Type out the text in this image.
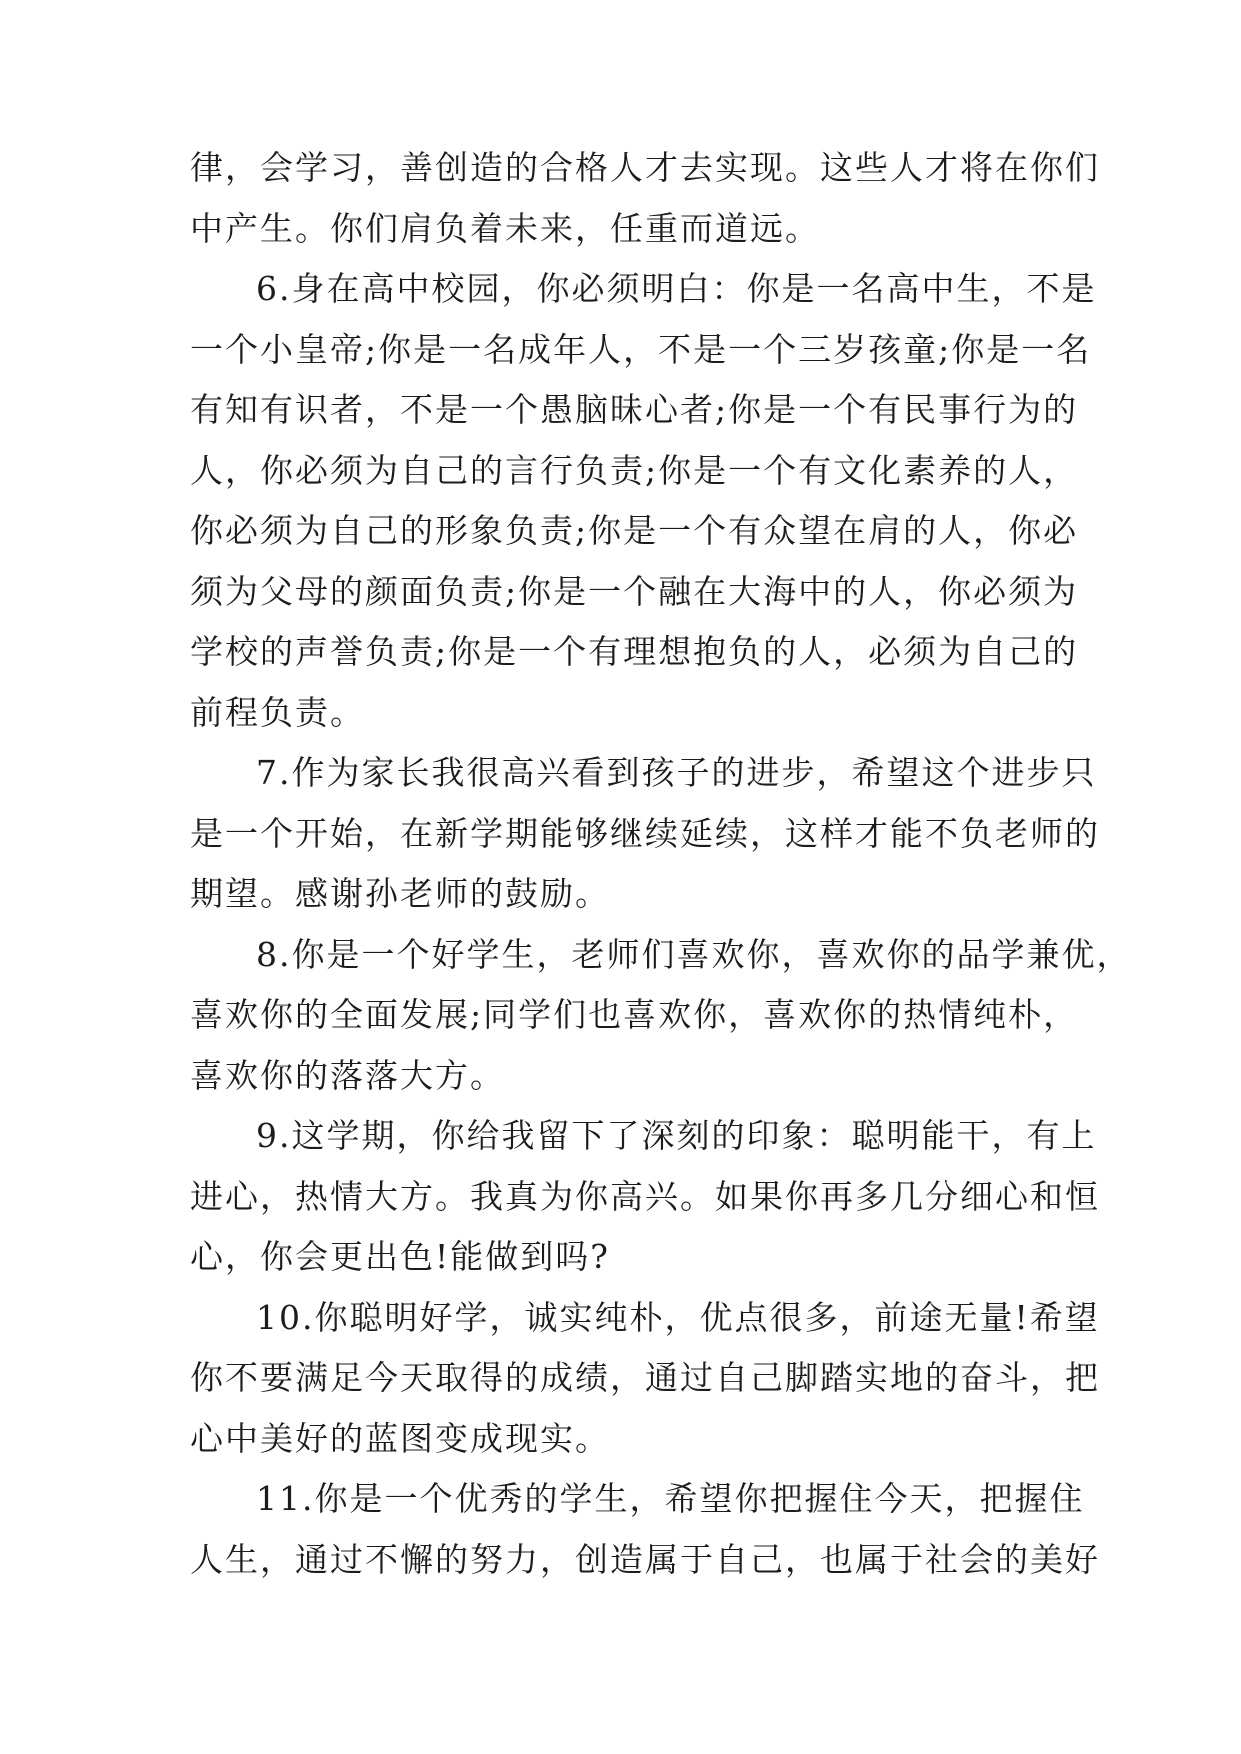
律，会学习，善创造的合格人才去实现。这些人才将在你们
中产生。你们肩负着未来，任重而道远。
6.身在高中校园，你必须明白：你是一名高中生，不是
一个小皇帝;你是一名成年人，不是一个三岁孩童;你是一名
有知有识者，不是一个愚脑昧心者;你是一个有民事行为的
人，你必须为自己的言行负责;你是一个有文化素养的人，
你必须为自己的形象负责;你是一个有众望在肩的人，你必
须为父母的颜面负责;你是一个融在大海中的人，你必须为
学校的声誉负责;你是一个有理想抱负的人，必须为自己的
前程负责。
7.作为家长我很高兴看到孩子的进步，希望这个进步只
是一个开始，在新学期能够继续延续，这样才能不负老师的
期望。感谢孙老师的鼓励。
8.你是一个好学生，老师们喜欢你，喜欢你的品学兼优，
喜欢你的全面发展;同学们也喜欢你，喜欢你的热情纯朴，
喜欢你的落落大方。
9.这学期，你给我留下了深刻的印象：聪明能干，有上
进心，热情大方。我真为你高兴。如果你再多几分细心和恒
心，你会更出色!能做到吗?
10.你聪明好学，诚实纯朴，优点很多，前途无量!希望
你不要满足今天取得的成绩，通过自己脚踏实地的奋斗，把
心中美好的蓝图变成现实。
11.你是一个优秀的学生，希望你把握住今天，把握住
人生，通过不懈的努力，创造属于自己，也属于社会的美好
